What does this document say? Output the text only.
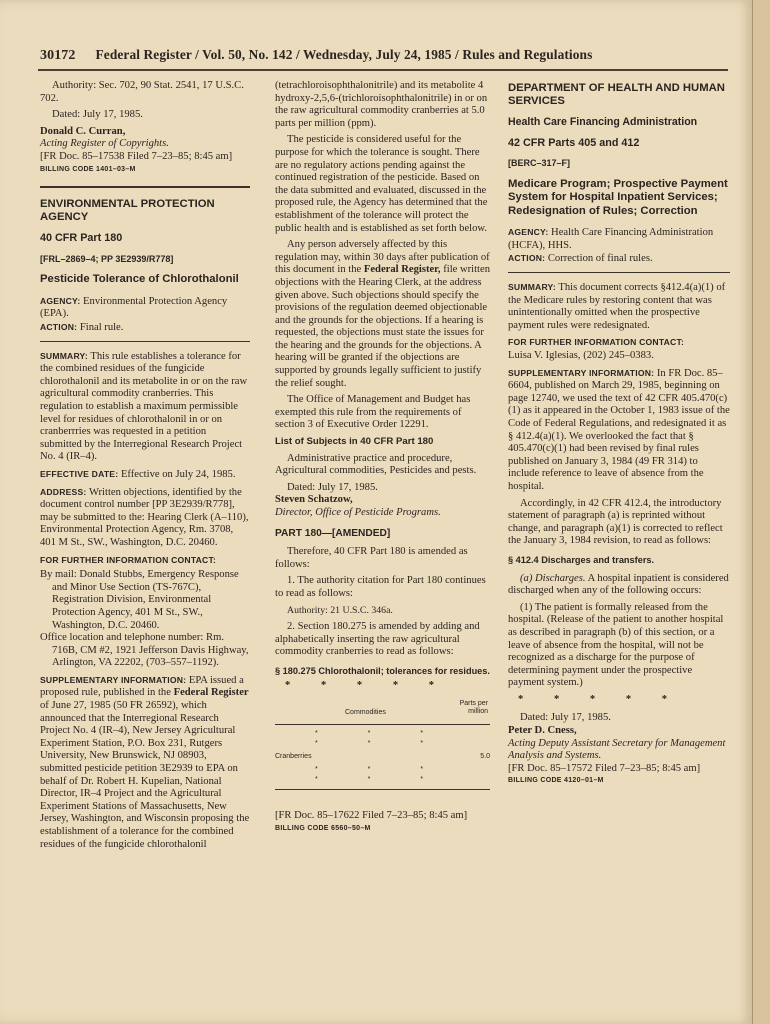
30172 Federal Register / Vol. 50, No. 142 / Wednesday, July 24, 1985 / Rules and Regulations

Authority: Sec. 702, 90 Stat. 2541, 17 U.S.C. 702.

Dated: July 17, 1985.

Donald C. Curran,

Acting Register of Copyrights.

[FR Doc. 85–17538 Filed 7–23–85; 8:45 am]

BILLING CODE 1401–03–M

ENVIRONMENTAL PROTECTION AGENCY

40 CFR Part 180

[FRL–2869–4; PP 3E2939/R778]

Pesticide Tolerance of Chlorothalonil

AGENCY: Environmental Protection Agency (EPA).

ACTION: Final rule.

SUMMARY: This rule establishes a tolerance for the combined residues of the fungicide chlorothalonil and its metabolite in or on the raw agricultural commodity cranberries. This regulation to establish a maximum permissible level for residues of chlorothalonil in or on cranberrries was requested in a petition submitted by the Interregional Research Project No. 4 (IR–4).

EFFECTIVE DATE: Effective on July 24, 1985.

ADDRESS: Written objections, identified by the document control number [PP 3E2939/R778], may be submitted to the: Hearing Clerk (A–110), Environmental Protection Agency, Rm. 3708, 401 M St., SW., Washington, D.C. 20460.

FOR FURTHER INFORMATION CONTACT:

By mail: Donald Stubbs, Emergency Response and Minor Use Section (TS-767C), Registration Division, Environmental Protection Agency, 401 M St., SW., Washington, D.C. 20460.

Office location and telephone number: Rm. 716B, CM #2, 1921 Jefferson Davis Highway, Arlington, VA 22202, (703–557–1192).

SUPPLEMENTARY INFORMATION: EPA issued a proposed rule, published in the Federal Register of June 27, 1985 (50 FR 26592), which announced that the Interregional Research Project No. 4 (IR–4), New Jersey Agricultural Experiment Station, P.O. Box 231, Rutgers University, New Brunswick, NJ 08903, submitted pesticide petition 3E2939 to EPA on behalf of Dr. Robert H. Kupelian, National Director, IR–4 Project and the Agricultural Experiment Stations of Massachusetts, New Jersey, Washington, and Wisconsin proposing the establishment of a tolerance for the combined residues of the fungicide chlorothalonil

(tetrachloroisophthalonitrile) and its metabolite 4 hydroxy-2,5,6-(trichloroisophthalonitrile) in or on the raw agricultural commodity cranberries at 5.0 parts per million (ppm).

The pesticide is considered useful for the purpose for which the tolerance is sought. There are no regulatory actions pending against the continued registration of the pesticide. Based on the data submitted and evaluated, discussed in the proposed rule, the Agency has determined that the establishment of the tolerance will protect the public health and is established as set forth below.

Any person adversely affected by this regulation may, within 30 days after publication of this document in the Federal Register, file written objections with the Hearing Clerk, at the address given above. Such objections should specify the provisions of the regulation deemed objectionable and the grounds for the objections. If a hearing is requested, the objections must state the issues for the hearing and the grounds for the objections. A hearing will be granted if the objections are supported by grounds legally sufficient to justify the relief sought.

The Office of Management and Budget has exempted this rule from the requirements of section 3 of Executive Order 12291.

List of Subjects in 40 CFR Part 180

Administrative practice and procedure, Agricultural commodities, Pesticides and pests.

Dated: July 17, 1985.

Steven Schatzow,

Director, Office of Pesticide Programs.

PART 180—[AMENDED]

Therefore, 40 CFR Part 180 is amended as follows:

1. The authority citation for Part 180 continues to read as follows:

Authority: 21 U.S.C. 346a.

2. Section 180.275 is amended by adding and alphabetically inserting the raw agricultural commodity cranberries to read as follows:

§ 180.275 Chlorothalonil; tolerances for residues.

* * * * *

Commodities
Parts per million
* * * * * *
Cranberries	5.0
* * * * * *

[FR Doc. 85–17622 Filed 7–23–85; 8:45 am]

BILLING CODE 6560–50–M

DEPARTMENT OF HEALTH AND HUMAN SERVICES

Health Care Financing Administration

42 CFR Parts 405 and 412

[BERC–317–F]

Medicare Program; Prospective Payment System for Hospital Inpatient Services; Redesignation of Rules; Correction

AGENCY: Health Care Financing Administration (HCFA), HHS.

ACTION: Correction of final rules.

SUMMARY: This document corrects §412.4(a)(1) of the Medicare rules by restoring content that was unintentionally omitted when the prospective payment rules were redesignated.

FOR FURTHER INFORMATION CONTACT:

Luisa V. Iglesias, (202) 245–0383.

SUPPLEMENTARY INFORMATION: In FR Doc. 85–6604, published on March 29, 1985, beginning on page 12740, we used the text of 42 CFR 405.470(c)(1) as it appeared in the October 1, 1983 issue of the Code of Federal Regulations, and redesignated it as § 412.4(a)(1). We overlooked the fact that § 405.470(c)(1) had been revised by final rules published on January 3, 1984 (49 FR 314) to include reference to leave of absence from the hospital.

Accordingly, in 42 CFR 412.4, the introductory statement of paragraph (a) is reprinted without change, and paragraph (a)(1) is corrected to reflect the January 3, 1984 revision, to read as follows:

§ 412.4 Discharges and transfers.

(a) Discharges. A hospital inpatient is considered discharged when any of the following occurs:

(1) The patient is formally released from the hospital. (Release of the patient to another hospital as described in paragraph (b) of this section, or a leave of absence from the hospital, will not be recognized as a discharge for the purpose of determining payment under the prospective payment system.)

* * * * *

Dated: July 17, 1985.

Peter D. Cness,

Acting Deputy Assistant Secretary for Management Analysis and Systems.

[FR Doc. 85–17572 Filed 7–23–85; 8:45 am]

BILLING CODE 4120–01–M
